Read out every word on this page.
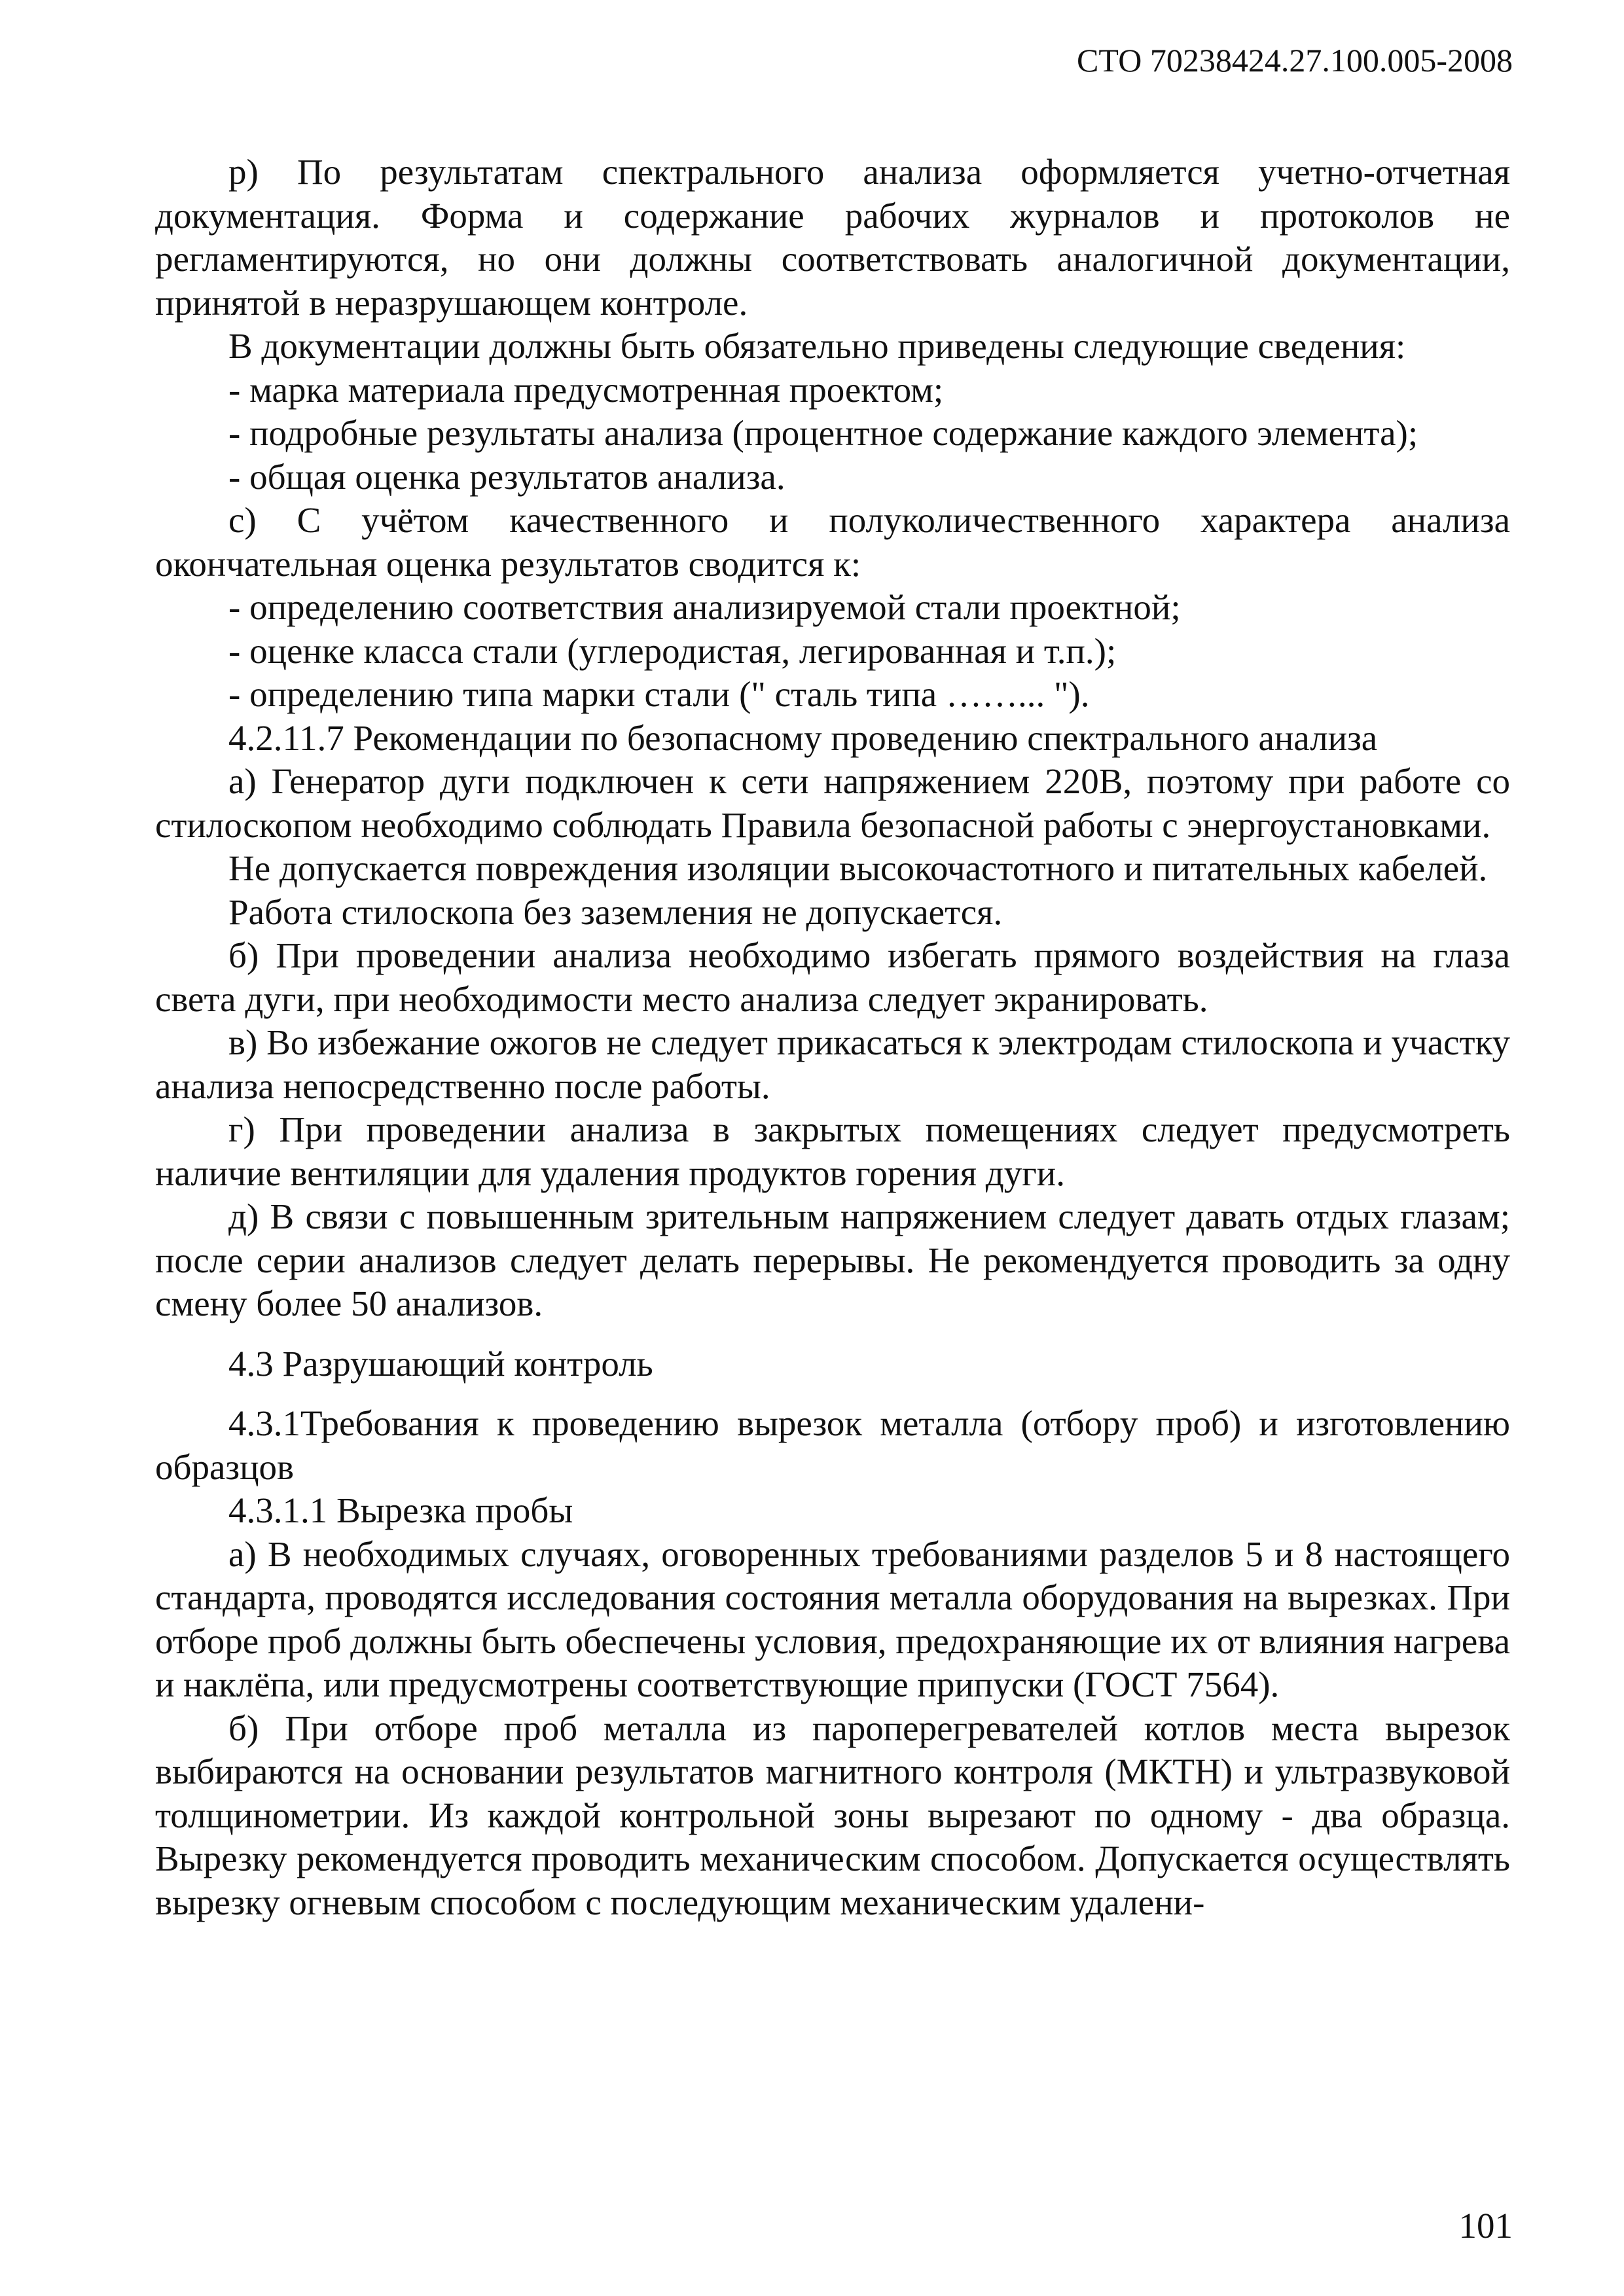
СТО 70238424.27.100.005-2008

р) По результатам спектрального анализа оформляется учетно-отчетная документация. Форма и содержание рабочих журналов и протоколов не регламентируются, но они должны соответствовать аналогичной документации, принятой в неразрушающем контроле.

В документации должны быть обязательно приведены следующие сведения:

- марка материала предусмотренная проектом;

- подробные результаты анализа (процентное содержание каждого элемента);

- общая оценка результатов анализа.

с) С учётом качественного и полуколичественного характера анализа окончательная оценка результатов сводится к:

- определению соответствия анализируемой стали проектной;

- оценке класса стали (углеродистая, легированная и т.п.);

- определению типа марки стали (" сталь типа ……... ").

4.2.11.7 Рекомендации по безопасному проведению спектрального анализа

а) Генератор дуги подключен к сети напряжением 220В, поэтому при работе со стилоскопом необходимо соблюдать Правила безопасной работы с энергоустановками.

Не допускается повреждения изоляции высокочастотного и питательных кабелей.

Работа стилоскопа без заземления не допускается.

б) При проведении анализа необходимо избегать прямого воздействия на глаза света дуги, при необходимости место анализа следует экранировать.

в) Во избежание ожогов не следует прикасаться к электродам стилоскопа и участку анализа непосредственно после работы.

г) При проведении анализа в закрытых помещениях следует предусмотреть наличие вентиляции для удаления продуктов горения дуги.

д) В связи с повышенным зрительным напряжением следует давать отдых глазам; после серии анализов следует делать перерывы. Не рекомендуется проводить за одну смену более 50 анализов.

4.3 Разрушающий контроль

4.3.1Требования к проведению вырезок металла (отбору проб) и изготовлению образцов

4.3.1.1 Вырезка пробы

а) В необходимых случаях, оговоренных требованиями разделов 5 и 8 настоящего стандарта, проводятся исследования состояния металла оборудования на вырезках. При отборе проб должны быть обеспечены условия, предохраняющие их от влияния нагрева и наклёпа, или предусмотрены соответствующие припуски (ГОСТ 7564).

б) При отборе проб металла из пароперегревателей котлов места вырезок выбираются на основании результатов магнитного контроля (МКТН) и ультразвуковой толщинометрии. Из каждой контрольной зоны вырезают по одному - два образца. Вырезку рекомендуется проводить механическим способом. Допускается осуществлять вырезку огневым способом с последующим механическим удалени-

101
